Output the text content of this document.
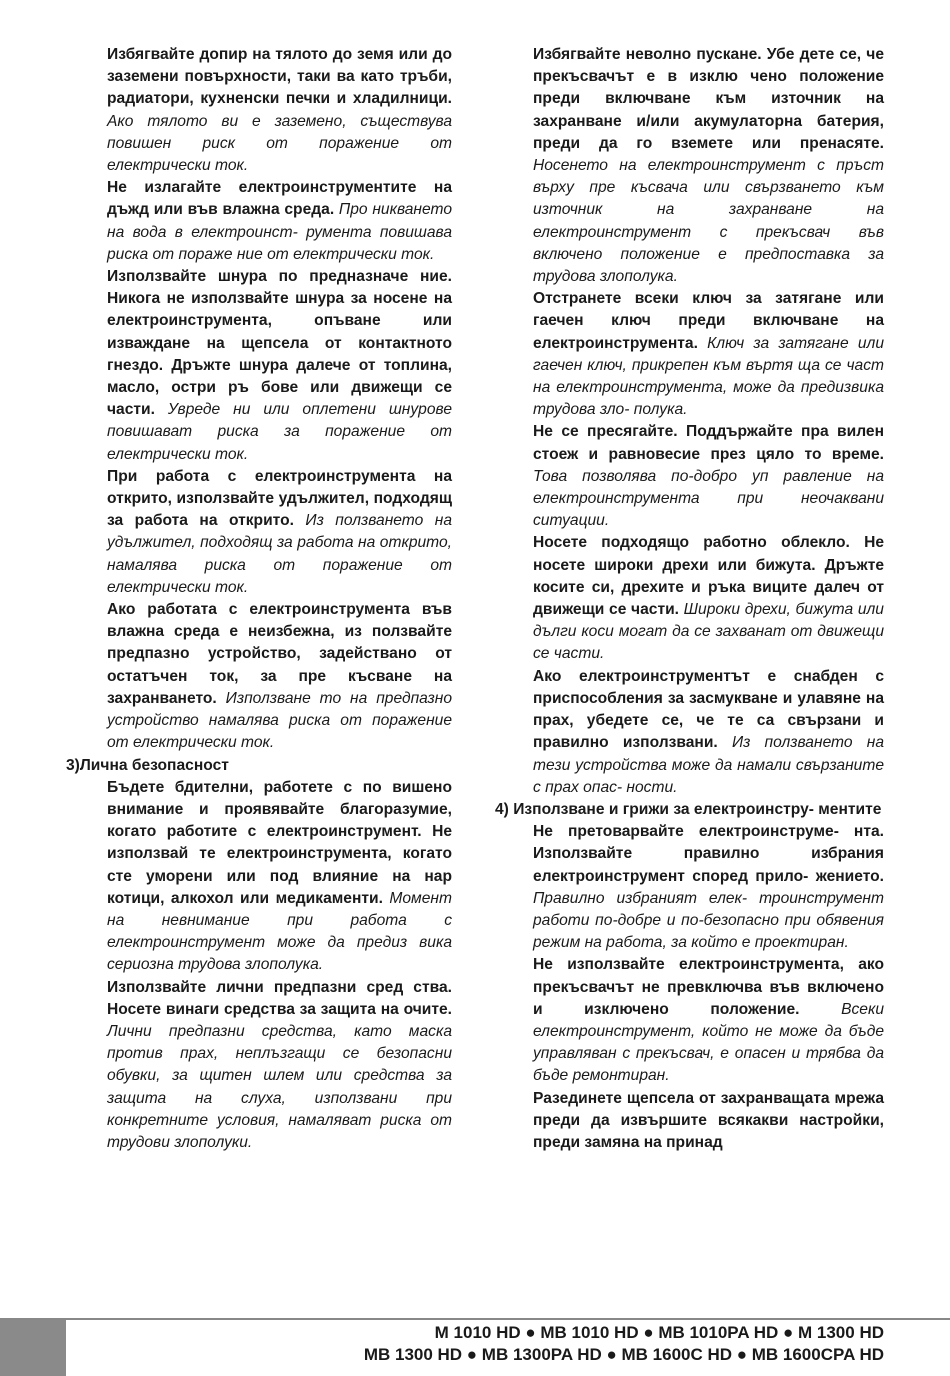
Избягвайте допир на тялото до земя или до заземени повърхности, таки ва като тръби, радиатори, кухненски печки и хладилници. Ако тялото ви е заземено, съществува повишен риск от поражение от електрически ток.

Не излагайте електроинструментите на дъжд или във влажна среда. Про никването на вода в електроинст- румента повишава риска от пораже ние от електрически ток.

Използвайте шнура по предназначе ние. Никога не използвайте шнура за носене на електроинструмента, опъване или изваждане на щепсела от контактното гнездо. Дръжте шнура далече от топлина, масло, остри ръ бове или движещи се части. Увреде ни или оплетени шнурове повишават риска за поражение от електрически ток.

При работа с електроинструмента на открито, използвайте удължител, подходящ за работа на открито. Из ползването на удължител, подходящ за работа на открито, намалява риска от поражение от електрически ток.

Ако работата с електроинструмента във влажна среда е неизбежна, из ползвайте предпазно устройство, задействано от остатъчен ток, за пре късване на захранването. Използване то на предпазно устройство намалява риска от поражение от електрически ток.

3)Лична безопасност

Бъдете бдителни, работете с по вишено внимание и проявявайте благоразумие, когато работите с електроинструмент. Не използвай те електроинструмента, когато сте уморени или под влияние на нар котици, алкохол или медикаменти. Момент на невнимание при работа с електроинструмент може да предиз вика сериозна трудова злополука.

Използвайте лични предпазни сред ства. Носете винаги средства за защита на очите. Лични предпазни средства, като маска против прах, неплъзгащи се безопасни обувки, за щитен шлем или средства за защита на слуха, използвани при конкретните условия, намаляват риска от трудови злополуки.

Избягвайте неволно пускане. Убе дете се, че прекъсвачът е в изклю чено положение преди включване към източник на захранване и/или акумулаторна батерия, преди да го вземете или пренасяте. Носенето на електроинструмент с пръст върху пре късвача или свързването към източник на захранване на електроинструмент с прекъсвач във включено положение е предпоставка за трудова злополука.

Отстранете всеки ключ за затягане или гаечен ключ преди включване на електроинструмента. Ключ за затягане или гаечен ключ, прикрепен към въртя ща се част на електроинструмента, може да предизвика трудова зло- полука.

Не се пресягайте. Поддържайте пра вилен стоеж и равновесие през цяло то време. Това позволява по-добро уп равление на електроинструмента при неочаквани ситуации.

Носете подходящо работно облекло. Не носете широки дрехи или бижута. Дръжте косите си, дрехите и ръка виците далеч от движещи се части. Широки дрехи, бижута или дълги коси могат да се захванат от движещи се части.

Ако електроинструментът е снабден с приспособления за засмукване и улавяне на прах, убедете се, че те са свързани и правилно използвани. Из ползването на тези устройства може да намали свързаните с прах опас- ности.

4) Използване и грижи за електроинстру- ментите

Не претоварвайте електроинструме- нта. Използвайте правилно избрания електроинструмент според прило- жението. Правилно избраният елек- троинструмент работи по-добре и по-безопасно при обявения режим на работа, за който е проектиран.

Не използвайте електроинструмента, ако прекъсвачът не превключва във включено и изключено положение. Всеки електроинструмент, който не може да бъде управляван с прекъсвач, е опасен и трябва да бъде ремонтиран.

Разединете щепсела от захранващата мрежа преди да извършите всякакви настройки, преди замяна на принад

M 1010 HD ● MB 1010 HD ● MB 1010PA HD ● M 1300 HD
MB 1300 HD ● MB 1300PA HD ● MB 1600C HD ● MB 1600CPA HD
